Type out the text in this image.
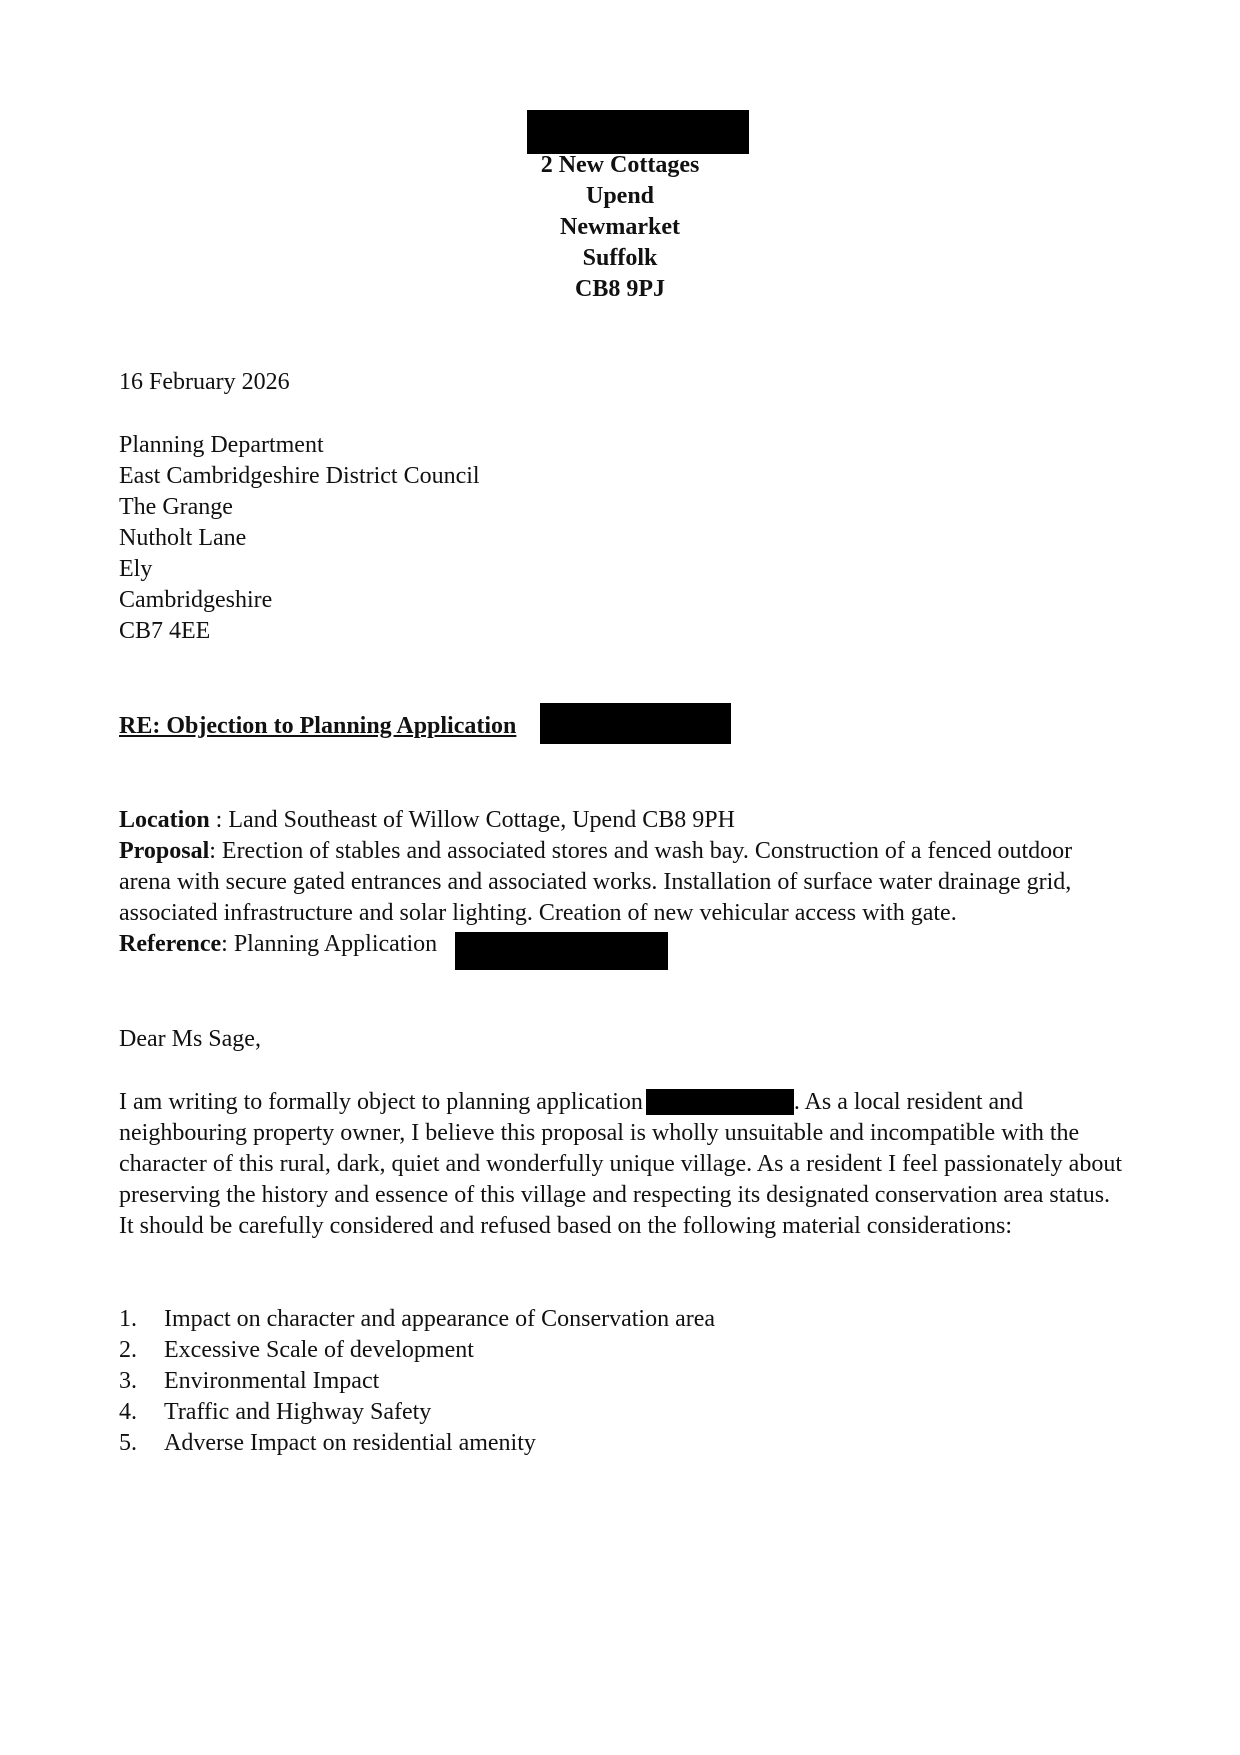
2 New Cottages
Upend
Newmarket
Suffolk
CB8 9PJ
16 February 2026
Planning Department
East Cambridgeshire District Council
The Grange
Nutholt Lane
Ely
Cambridgeshire
CB7 4EE
RE: Objection to Planning Application
Location : Land Southeast of Willow Cottage, Upend CB8 9PH
Proposal: Erection of stables and associated stores and wash bay. Construction of a fenced outdoor arena with secure gated entrances and associated works. Installation of surface water drainage grid, associated infrastructure and solar lighting. Creation of new vehicular access with gate.
Reference: Planning Application
Dear Ms Sage,
I am writing to formally object to planning application	. As a local resident and neighbouring property owner, I believe this proposal is wholly unsuitable and incompatible with the character of this rural, dark, quiet and wonderfully unique village. As a resident I feel passionately about preserving the history and essence of this village and respecting its designated conservation area status. It should be carefully considered and refused based on the following material considerations:
1. Impact on character and appearance of Conservation area
2. Excessive Scale of development
3. Environmental Impact
4. Traffic and Highway Safety
5. Adverse Impact on residential amenity
